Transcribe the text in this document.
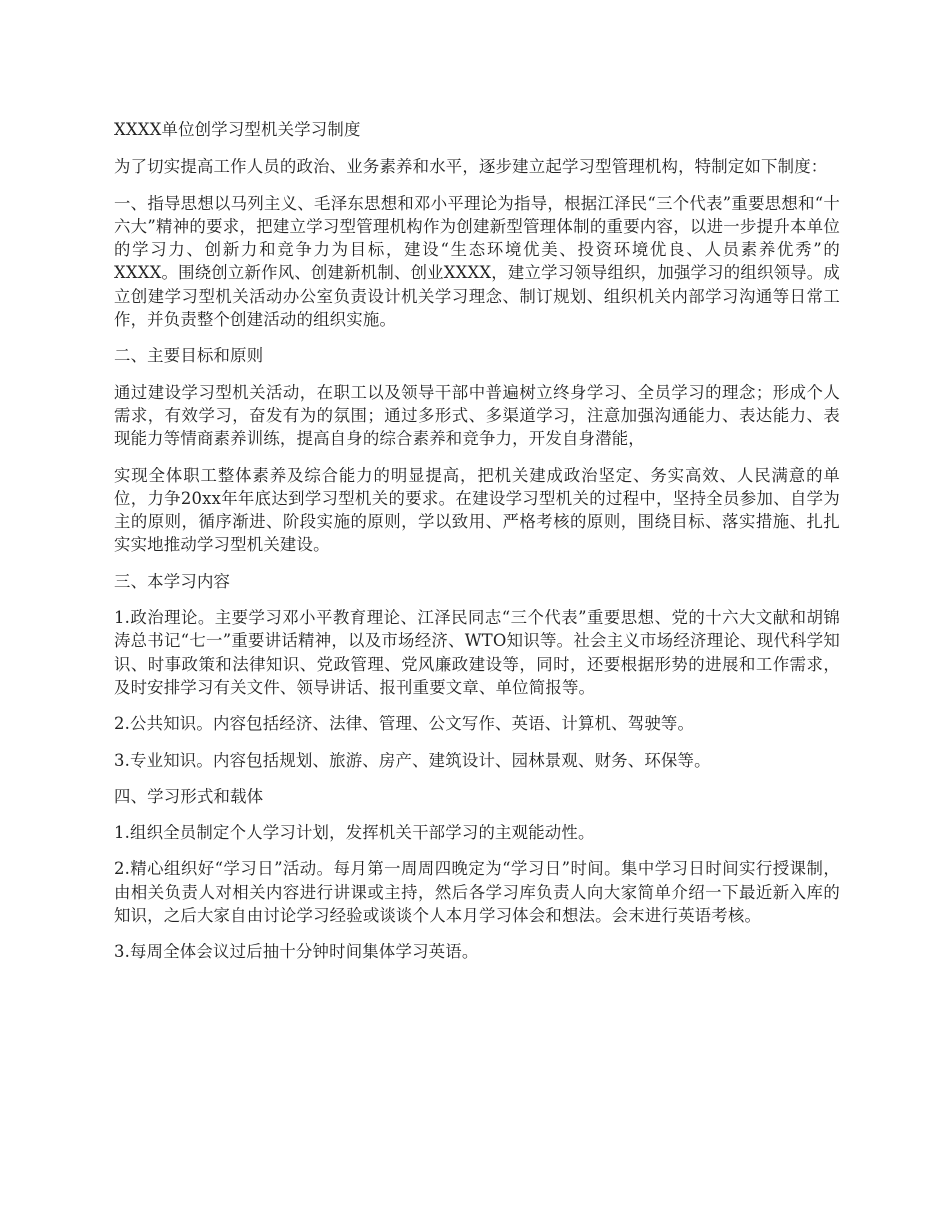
XXXX单位创学习型机关学习制度

为了切实提高工作人员的政治、业务素养和水平，逐步建立起学习型管理机构，特制定如下制度：

一、指导思想以马列主义、毛泽东思想和邓小平理论为指导，根据江泽民“三个代表”重要思想和“十六大”精神的要求，把建立学习型管理机构作为创建新型管理体制的重要内容，以进一步提升本单位的学习力、创新力和竞争力为目标，建设“生态环境优美、投资环境优良、人员素养优秀”的XXXX。围绕创立新作风、创建新机制、创业XXXX，建立学习领导组织，加强学习的组织领导。成立创建学习型机关活动办公室负责设计机关学习理念、制订规划、组织机关内部学习沟通等日常工作，并负责整个创建活动的组织实施。

二、主要目标和原则

通过建设学习型机关活动，在职工以及领导干部中普遍树立终身学习、全员学习的理念；形成个人需求，有效学习，奋发有为的氛围；通过多形式、多渠道学习，注意加强沟通能力、表达能力、表现能力等情商素养训练，提高自身的综合素养和竞争力，开发自身潜能，

实现全体职工整体素养及综合能力的明显提高，把机关建成政治坚定、务实高效、人民满意的单位，力争20xx年年底达到学习型机关的要求。在建设学习型机关的过程中，坚持全员参加、自学为主的原则，循序渐进、阶段实施的原则，学以致用、严格考核的原则，围绕目标、落实措施、扎扎实实地推动学习型机关建设。

三、本学习内容

1.政治理论。主要学习邓小平教育理论、江泽民同志“三个代表”重要思想、党的十六大文献和胡锦涛总书记“七一”重要讲话精神，以及市场经济、WTO知识等。社会主义市场经济理论、现代科学知识、时事政策和法律知识、党政管理、党风廉政建设等，同时，还要根据形势的进展和工作需求，及时安排学习有关文件、领导讲话、报刊重要文章、单位简报等。

2.公共知识。内容包括经济、法律、管理、公文写作、英语、计算机、驾驶等。

3.专业知识。内容包括规划、旅游、房产、建筑设计、园林景观、财务、环保等。

四、学习形式和载体

1.组织全员制定个人学习计划，发挥机关干部学习的主观能动性。

2.精心组织好“学习日”活动。每月第一周周四晚定为“学习日”时间。集中学习日时间实行授课制，由相关负责人对相关内容进行讲课或主持，然后各学习库负责人向大家简单介绍一下最近新入库的知识，之后大家自由讨论学习经验或谈谈个人本月学习体会和想法。会末进行英语考核。

3.每周全体会议过后抽十分钟时间集体学习英语。
